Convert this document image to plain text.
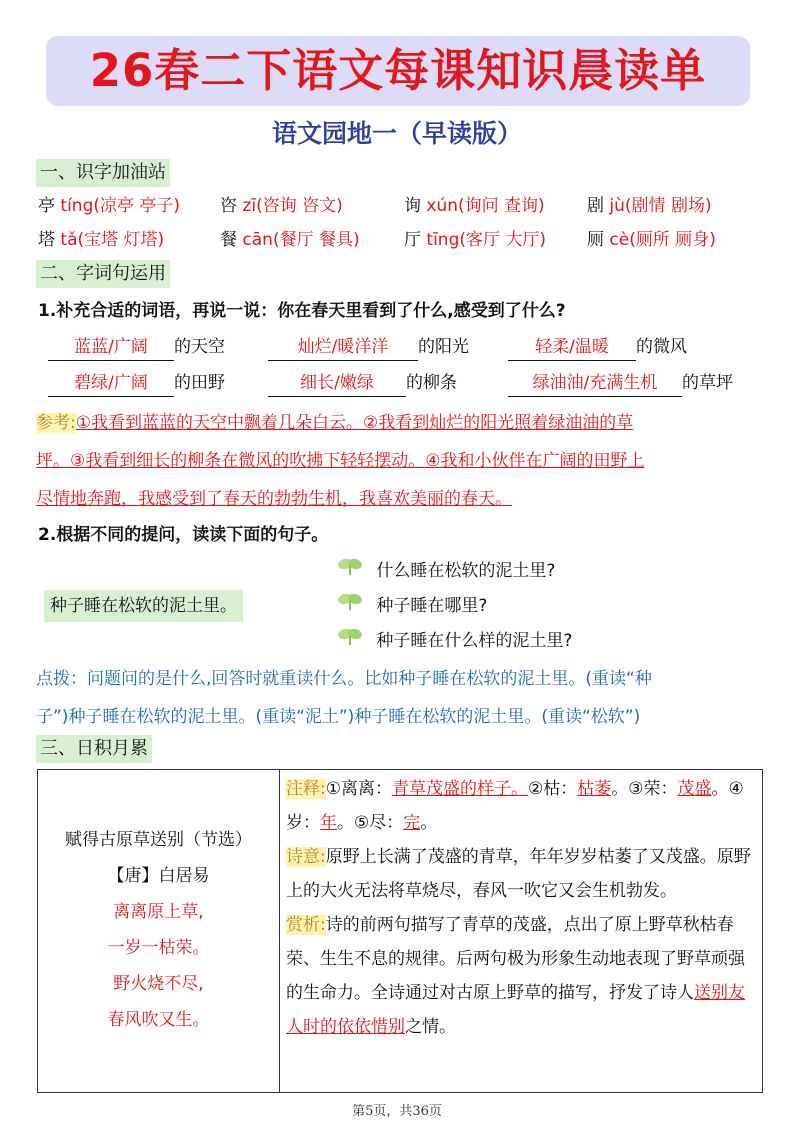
26春二下语文每课知识晨读单
语文园地一（早读版）
一、识字加油站
亭 tíng(凉亭 亭子) 咨 zī(咨询 咨文)	询 xún(询问 查询) 剧 jù(剧情 剧场)
塔 tǎ(宝塔 灯塔)	餐 cān(餐厅 餐具)	厅 tīng(客厅 大厅) 厕 cè(厕所 厕身)
二、字词句运用
1.补充合适的词语，再说一说：你在春天里看到了什么,感受到了什么?
蓝蓝/广阔 的天空	灿烂/暖洋洋 的阳光	轻柔/温暖 的微风
碧绿/广阔 的田野	细长/嫩绿 的柳条	绿油油/充满生机 的草坪
参考:①我看到蓝蓝的天空中飘着几朵白云。②我看到灿烂的阳光照着绿油油的草
坪。③我看到细长的柳条在微风的吹拂下轻轻摆动。④我和小伙伴在广阔的田野上
尽情地奔跑，我感受到了春天的勃勃生机，我喜欢美丽的春天。
2.根据不同的提问，读读下面的句子。
种子睡在松软的泥土里。
什么睡在松软的泥土里?
种子睡在哪里?
种子睡在什么样的泥土里?
点拨：问题问的是什么,回答时就重读什么。比如种子睡在松软的泥土里。(重读“种
子”)种子睡在松软的泥土里。(重读“泥土”)种子睡在松软的泥土里。(重读“松软”)
三、日积月累
赋得古原草送别（节选）
【唐】白居易
离离原上草,
一岁一枯荣。
野火烧不尽,
春风吹又生。

注释:①离离：青草茂盛的样子。②枯：枯萎。③荣：茂盛。④岁：年。⑤尽：完。
诗意:原野上长满了茂盛的青草，年年岁岁枯萎了又茂盛。原野上的大火无法将草烧尽，春风一吹它又会生机勃发。
赏析:诗的前两句描写了青草的茂盛，点出了原上野草秋枯春荣、生生不息的规律。后两句极为形象生动地表现了野草顽强的生命力。全诗通过对古原上野草的描写，抒发了诗人送别友人时的依依惜别之情。
第5页，共36页
